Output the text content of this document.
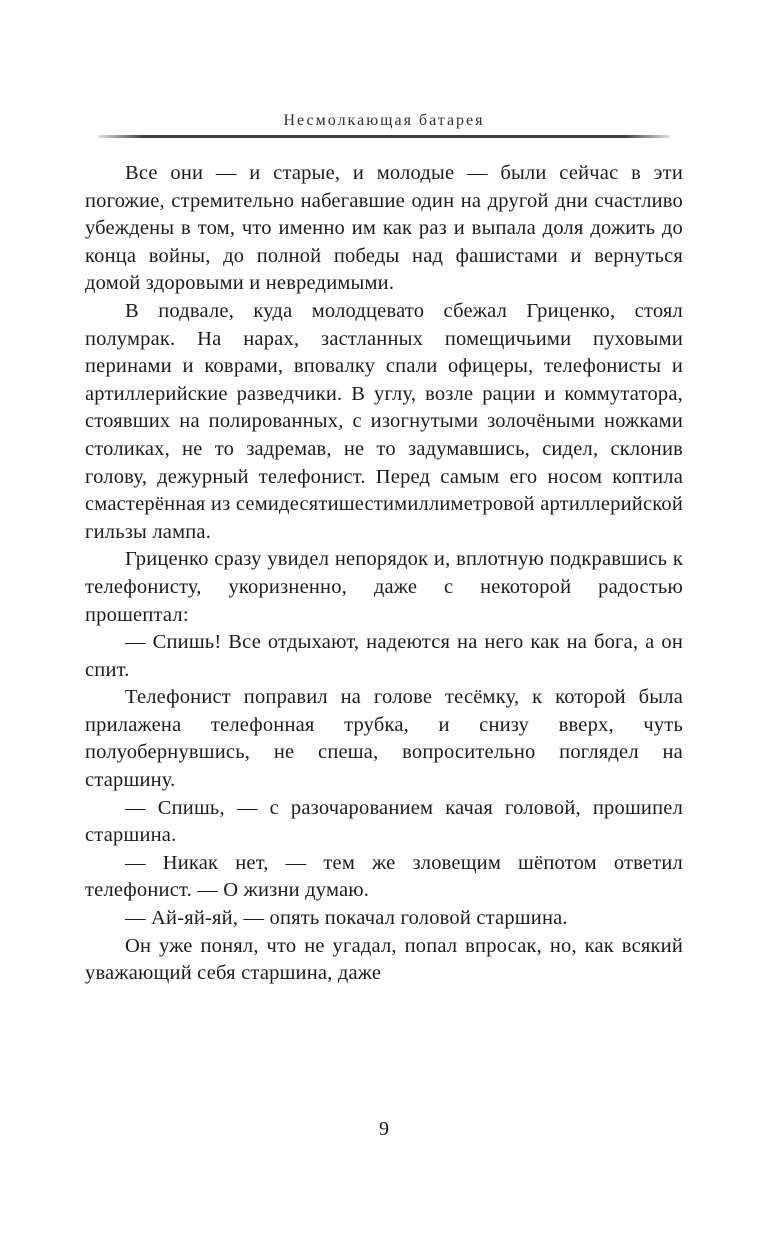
Несмолкающая батарея

Все они — и старые, и молодые — были сейчас в эти погожие, стремительно набегавшие один на другой дни счастливо убеждены в том, что именно им как раз и выпала доля дожить до конца войны, до полной победы над фашистами и вернуться домой здоровыми и невредимыми.

В подвале, куда молодцевато сбежал Гриценко, стоял полумрак. На нарах, застланных помещичьими пуховыми перинами и коврами, вповалку спали офицеры, телефонисты и артиллерийские разведчики. В углу, возле рации и коммутатора, стоявших на полированных, с изогнутыми золочёными ножками столиках, не то задремав, не то задумавшись, сидел, склонив голову, дежурный телефонист. Перед самым его носом коптила смастерённая из семидесятишестимиллиметровой артиллерийской гильзы лампа.

Гриценко сразу увидел непорядок и, вплотную подкравшись к телефонисту, укоризненно, даже с некоторой радостью прошептал:

— Спишь! Все отдыхают, надеются на него как на бога, а он спит.

Телефонист поправил на голове тесёмку, к которой была прилажена телефонная трубка, и снизу вверх, чуть полуобернувшись, не спеша, вопросительно поглядел на старшину.

— Спишь, — с разочарованием качая головой, прошипел старшина.

— Никак нет, — тем же зловещим шёпотом ответил телефонист. — О жизни думаю.

— Ай-яй-яй, — опять покачал головой старшина.

Он уже понял, что не угадал, попал впросак, но, как всякий уважающий себя старшина, даже

9
